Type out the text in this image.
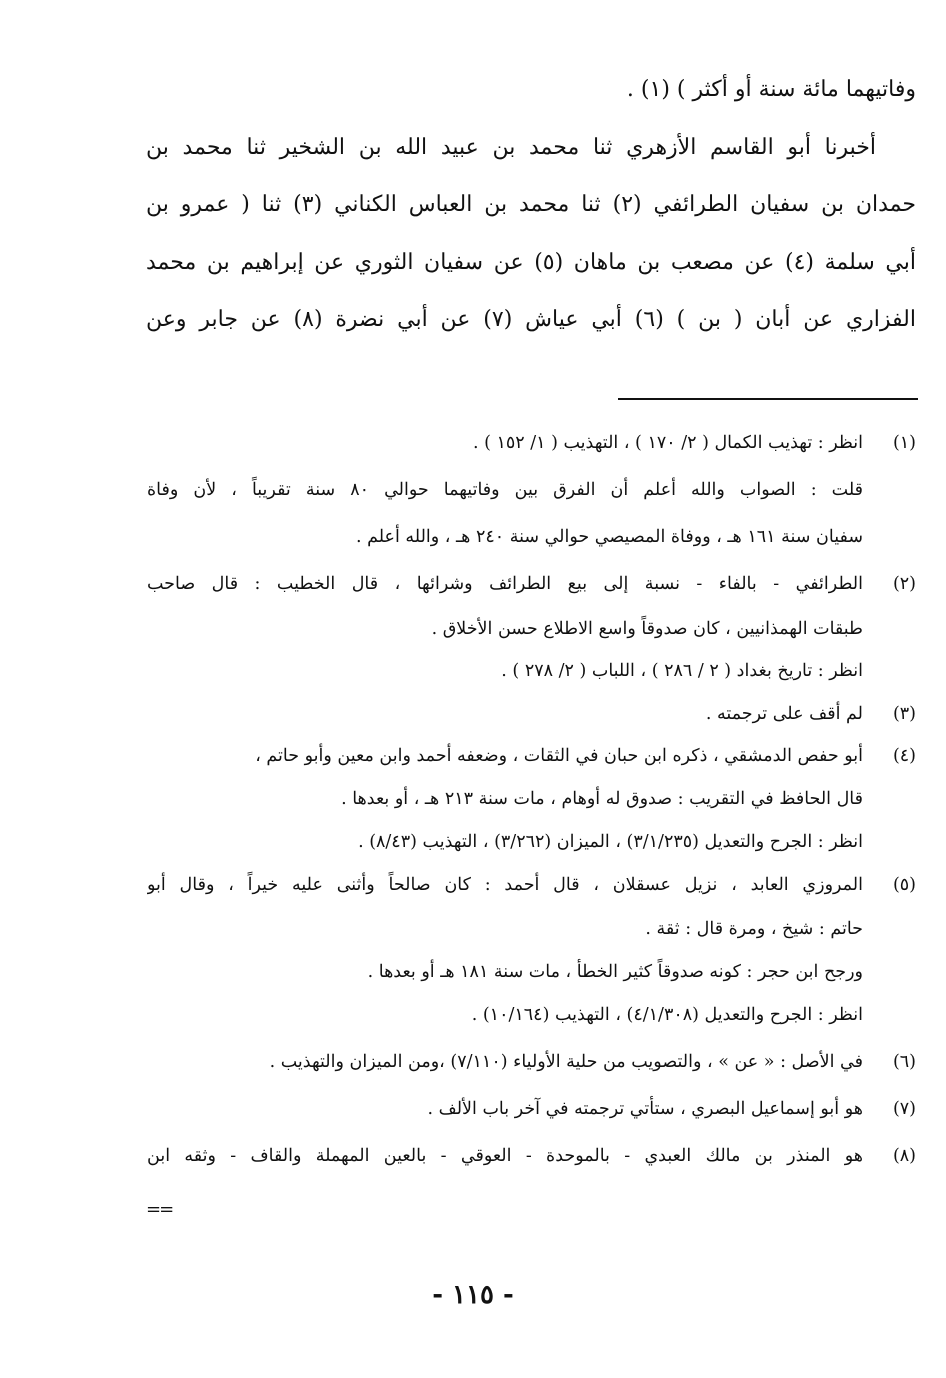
وفاتيهما مائة سنة أو أكثر ) (١) .
أخبرنا أبو القاسم الأزهري ثنا محمد بن عبيد الله بن الشخير ثنا محمد بن
حمدان بن سفيان الطرائفي (٢) ثنا محمد بن العباس الكناني (٣) ثنا ( عمرو بن
أبي سلمة (٤) عن مصعب بن ماهان (٥) عن سفيان الثوري عن إبراهيم بن محمد
الفزاري عن أبان ( بن ) (٦) أبي عياش (٧) عن أبي نضرة (٨) عن جابر وعن
(١)
انظر : تهذيب الكمال ( ٢/ ١٧٠ ) ، التهذيب ( ١/ ١٥٢ ) .
قلت : الصواب والله أعلم أن الفرق بين وفاتيهما حوالي ٨٠ سنة تقريباً ، لأن وفاة
سفيان سنة ١٦١ هـ ، ووفاة المصيصي حوالي سنة ٢٤٠ هـ ، والله أعلم .
(٢)
الطرائفي - بالفاء - نسبة إلى بيع الطرائف وشرائها ، قال الخطيب : قال صاحب
طبقات الهمذانيين ، كان صدوقاً واسع الاطلاع حسن الأخلاق .
انظر : تاريخ بغداد ( ٢ / ٢٨٦ ) ، اللباب ( ٢/ ٢٧٨ ) .
(٣)
لم أقف على ترجمته .
(٤)
أبو حفص الدمشقي ، ذكره ابن حبان في الثقات ، وضعفه أحمد وابن معين وأبو حاتم ،
قال الحافظ في التقريب : صدوق له أوهام ، مات سنة ٢١٣ هـ ، أو بعدها .
انظر : الجرح والتعديل (٣/١/٢٣٥) ، الميزان (٣/٢٦٢) ، التهذيب (٨/٤٣) .
(٥)
المروزي العابد ، نزيل عسقلان ، قال أحمد : كان صالحاً وأثنى عليه خيراً ، وقال أبو
حاتم : شيخ ، ومرة قال : ثقة .
ورجح ابن حجر : كونه صدوقاً كثير الخطأ ، مات سنة ١٨١ هـ أو بعدها .
انظر : الجرح والتعديل (٤/١/٣٠٨) ، التهذيب (١٠/١٦٤) .
(٦)
في الأصل : « عن » ، والتصويب من حلية الأولياء (٧/١١٠) ،ومن الميزان والتهذيب .
(٧)
هو أبو إسماعيل البصري ، ستأتي ترجمته في آخر باب الألف .
(٨)
هو المنذر بن مالك العبدي - بالموحدة - العوقي - بالعين المهملة والقاف - وثقه ابن
==
- ١١٥ -
